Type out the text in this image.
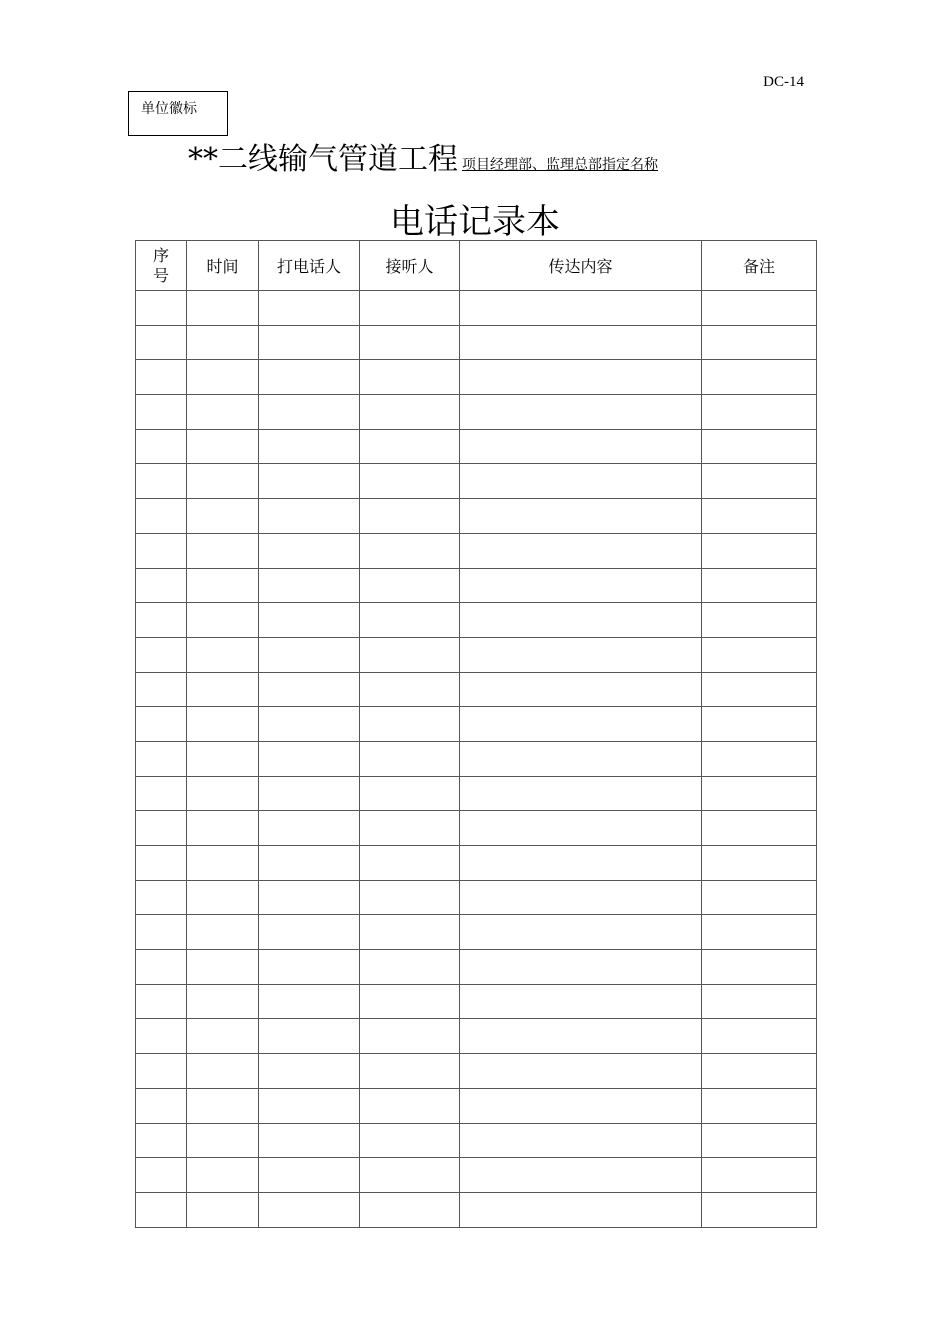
DC-14
单位徽标
**二线输气管道工程 项目经理部、监理总部指定名称
电话记录本
序
号	时间	打电话人	接听人	传达内容	备注
